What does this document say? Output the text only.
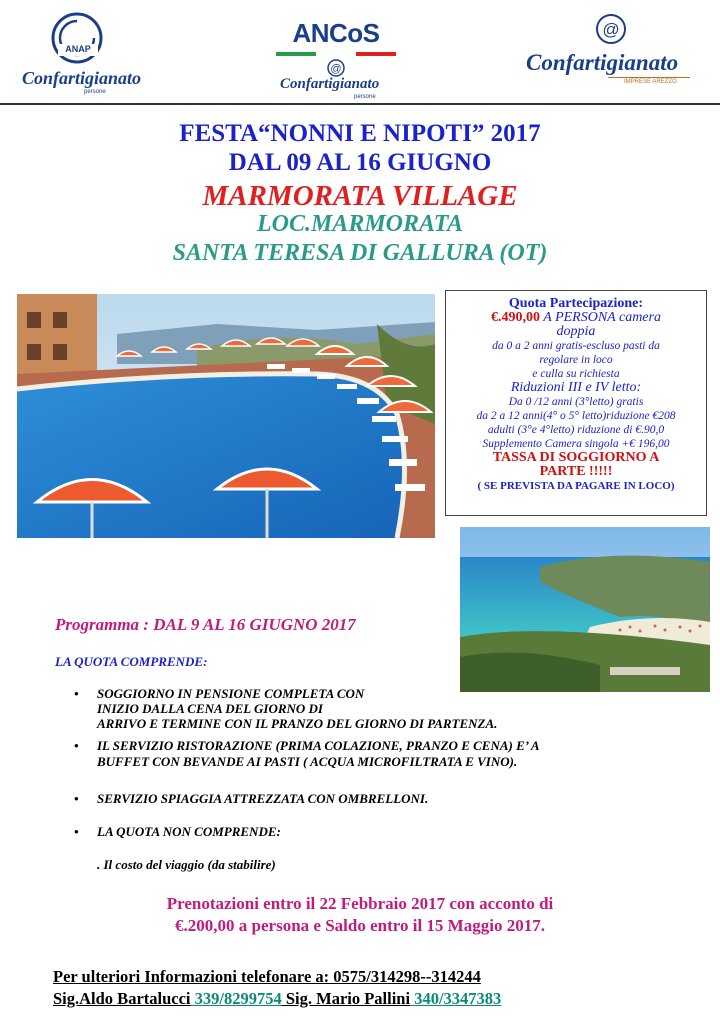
ANAP
Confartigianato
persone
ANCoS
@
Confartigianato
persone
@
Confartigianato
IMPRESE AREZZO
FESTA“NONNI E NIPOTI” 2017
DAL 09 AL 16 GIUGNO
MARMORATA VILLAGE
LOC.MARMORATA
SANTA TERESA DI GALLURA (OT)
Quota Partecipazione:
€.490,00 A PERSONA camera
doppia
da 0 a 2 anni gratis-escluso pasti da
regolare in loco
e culla su richiesta
Riduzioni III e IV letto:
Da 0 /12 anni (3°letto) gratis
da 2 a 12 anni(4° o 5° letto)riduzione €208
adulti (3°e 4°letto) riduzione di €.90,0
Supplemento Camera singola +€ 196,00
TASSA DI SOGGIORNO A
PARTE !!!!!
( SE PREVISTA DA PAGARE IN LOCO)
Programma : DAL 9 AL 16 GIUGNO 2017
LA QUOTA COMPRENDE:
• SOGGIORNO IN PENSIONE COMPLETA CON
INIZIO DALLA CENA DEL GIORNO DI
ARRIVO E TERMINE CON IL PRANZO DEL GIORNO DI PARTENZA.
• IL SERVIZIO RISTORAZIONE (PRIMA COLAZIONE, PRANZO E CENA) E’ A
BUFFET CON BEVANDE AI PASTI ( ACQUA MICROFILTRATA E VINO).
• SERVIZIO SPIAGGIA ATTREZZATA CON OMBRELLONI.
• LA QUOTA NON COMPRENDE:
. Il costo del viaggio (da stabilire)
Prenotazioni entro il 22 Febbraio 2017 con acconto di
€.200,00 a persona e Saldo entro il 15 Maggio 2017.
Per ulteriori Informazioni telefonare a: 0575/314298--314244
Sig.Aldo Bartalucci 339/8299754 Sig. Mario Pallini 340/3347383
